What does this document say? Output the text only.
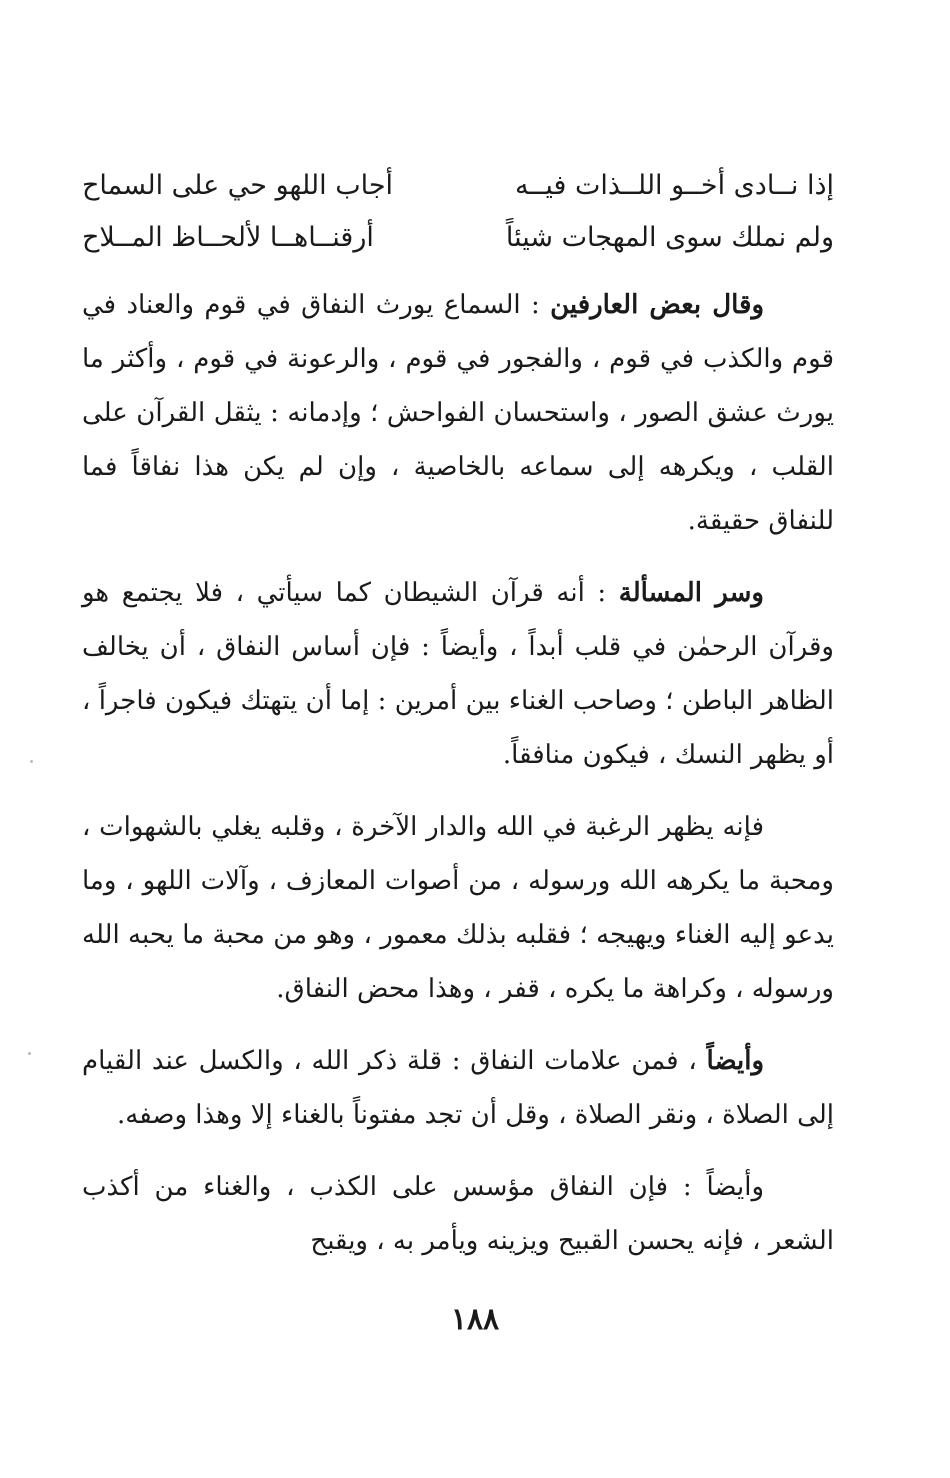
إذا نــادى أخــو اللــذات فيــه
أجاب اللهو حي على السماح
ولم نملك سوى المهجات شيئاً
أرقنــاهــا لألحــاظ المــلاح

وقال بعض العارفين : السماع يورث النفاق في قوم والعناد في قوم والكذب في قوم ، والفجور في قوم ، والرعونة في قوم ، وأكثر ما يورث عشق الصور ، واستحسان الفواحش ؛ وإدمانه : يثقل القرآن على القلب ، ويكرهه إلى سماعه بالخاصية ، وإن لم يكن هذا نفاقاً فما للنفاق حقيقة.

وسر المسألة : أنه قرآن الشيطان كما سيأتي ، فلا يجتمع هو وقرآن الرحمٰن في قلب أبداً ، وأيضاً : فإن أساس النفاق ، أن يخالف الظاهر الباطن ؛ وصاحب الغناء بين أمرين : إما أن يتهتك فيكون فاجراً ، أو يظهر النسك ، فيكون منافقاً.

فإنه يظهر الرغبة في الله والدار الآخرة ، وقلبه يغلي بالشهوات ، ومحبة ما يكرهه الله ورسوله ، من أصوات المعازف ، وآلات اللهو ، وما يدعو إليه الغناء ويهيجه ؛ فقلبه بذلك معمور ، وهو من محبة ما يحبه الله ورسوله ، وكراهة ما يكره ، قفر ، وهذا محض النفاق.

وأيضاً ، فمن علامات النفاق : قلة ذكر الله ، والكسل عند القيام إلى الصلاة ، ونقر الصلاة ، وقل أن تجد مفتوناً بالغناء إلا وهذا وصفه.

وأيضاً : فإن النفاق مؤسس على الكذب ، والغناء من أكذب الشعر ، فإنه يحسن القبيح ويزينه ويأمر به ، ويقبح

١٨٨
